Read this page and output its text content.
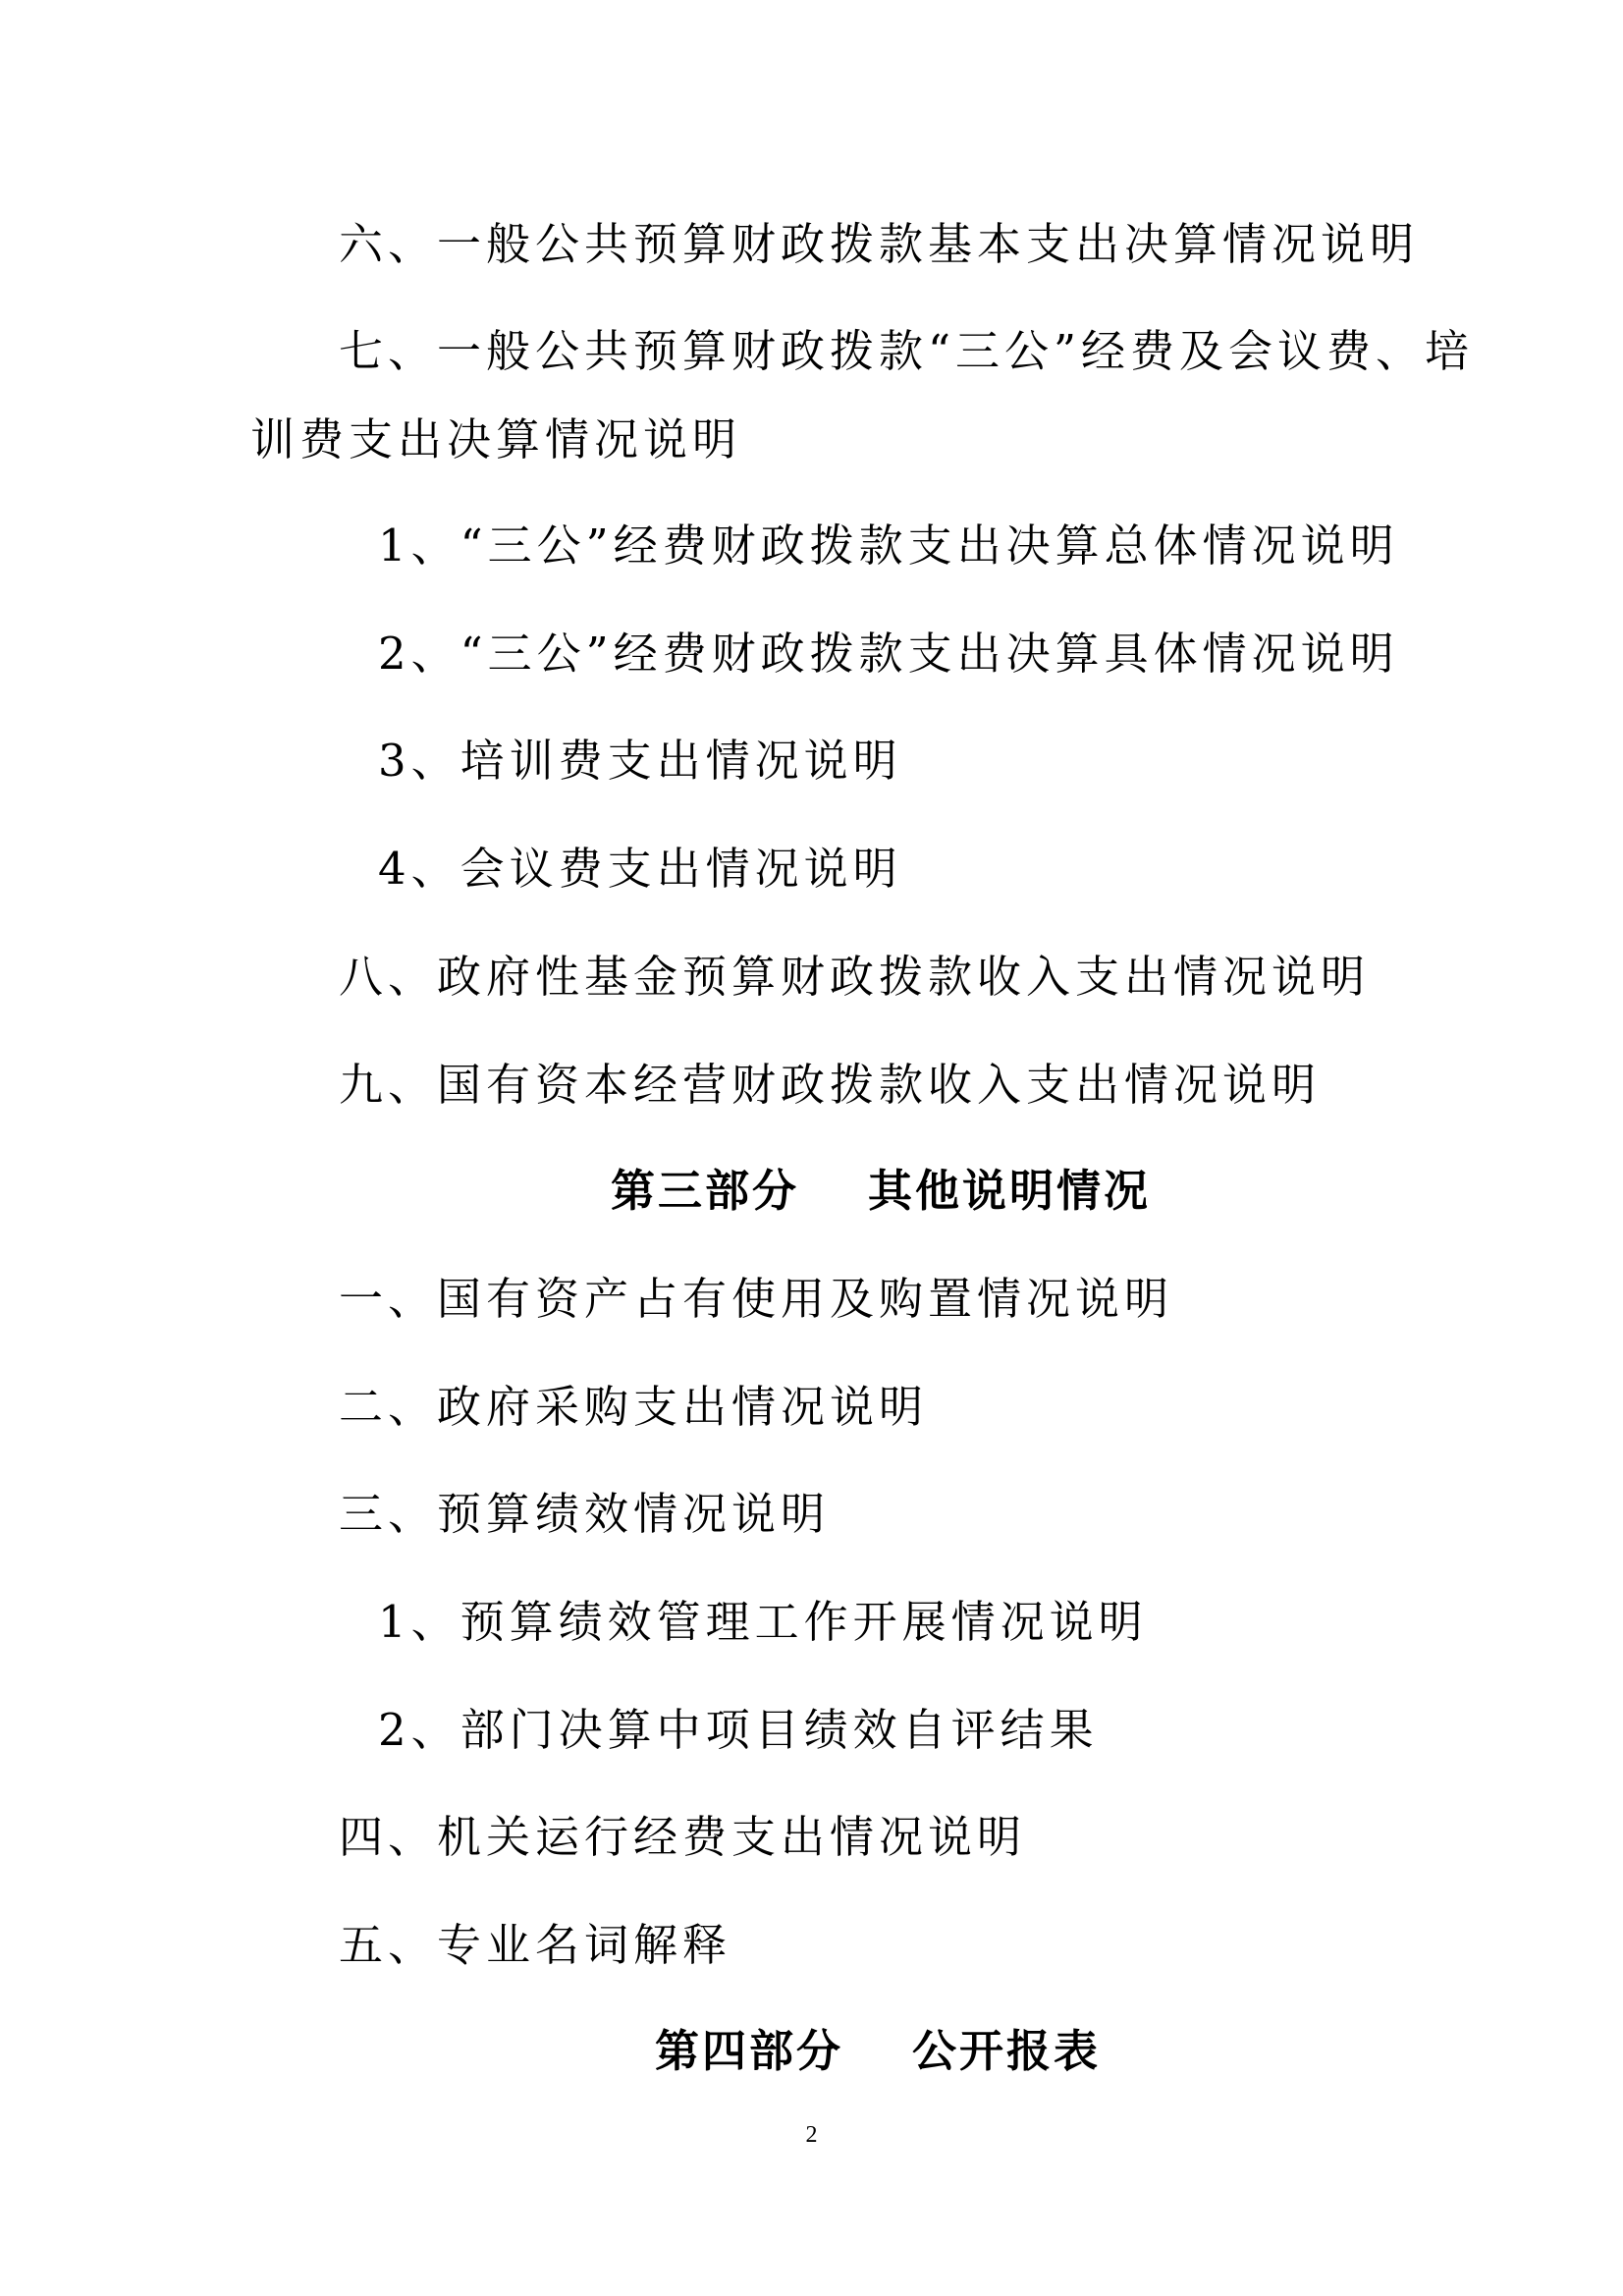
六、一般公共预算财政拨款基本支出决算情况说明
七、一般公共预算财政拨款“三公”经费及会议费、培
训费支出决算情况说明
1、“三公”经费财政拨款支出决算总体情况说明
2、“三公”经费财政拨款支出决算具体情况说明
3、培训费支出情况说明
4、会议费支出情况说明
八、政府性基金预算财政拨款收入支出情况说明
九、国有资本经营财政拨款收入支出情况说明
第三部分 其他说明情况
一、国有资产占有使用及购置情况说明
二、政府采购支出情况说明
三、预算绩效情况说明
1、预算绩效管理工作开展情况说明
2、部门决算中项目绩效自评结果
四、机关运行经费支出情况说明
五、专业名词解释
第四部分 公开报表
2
